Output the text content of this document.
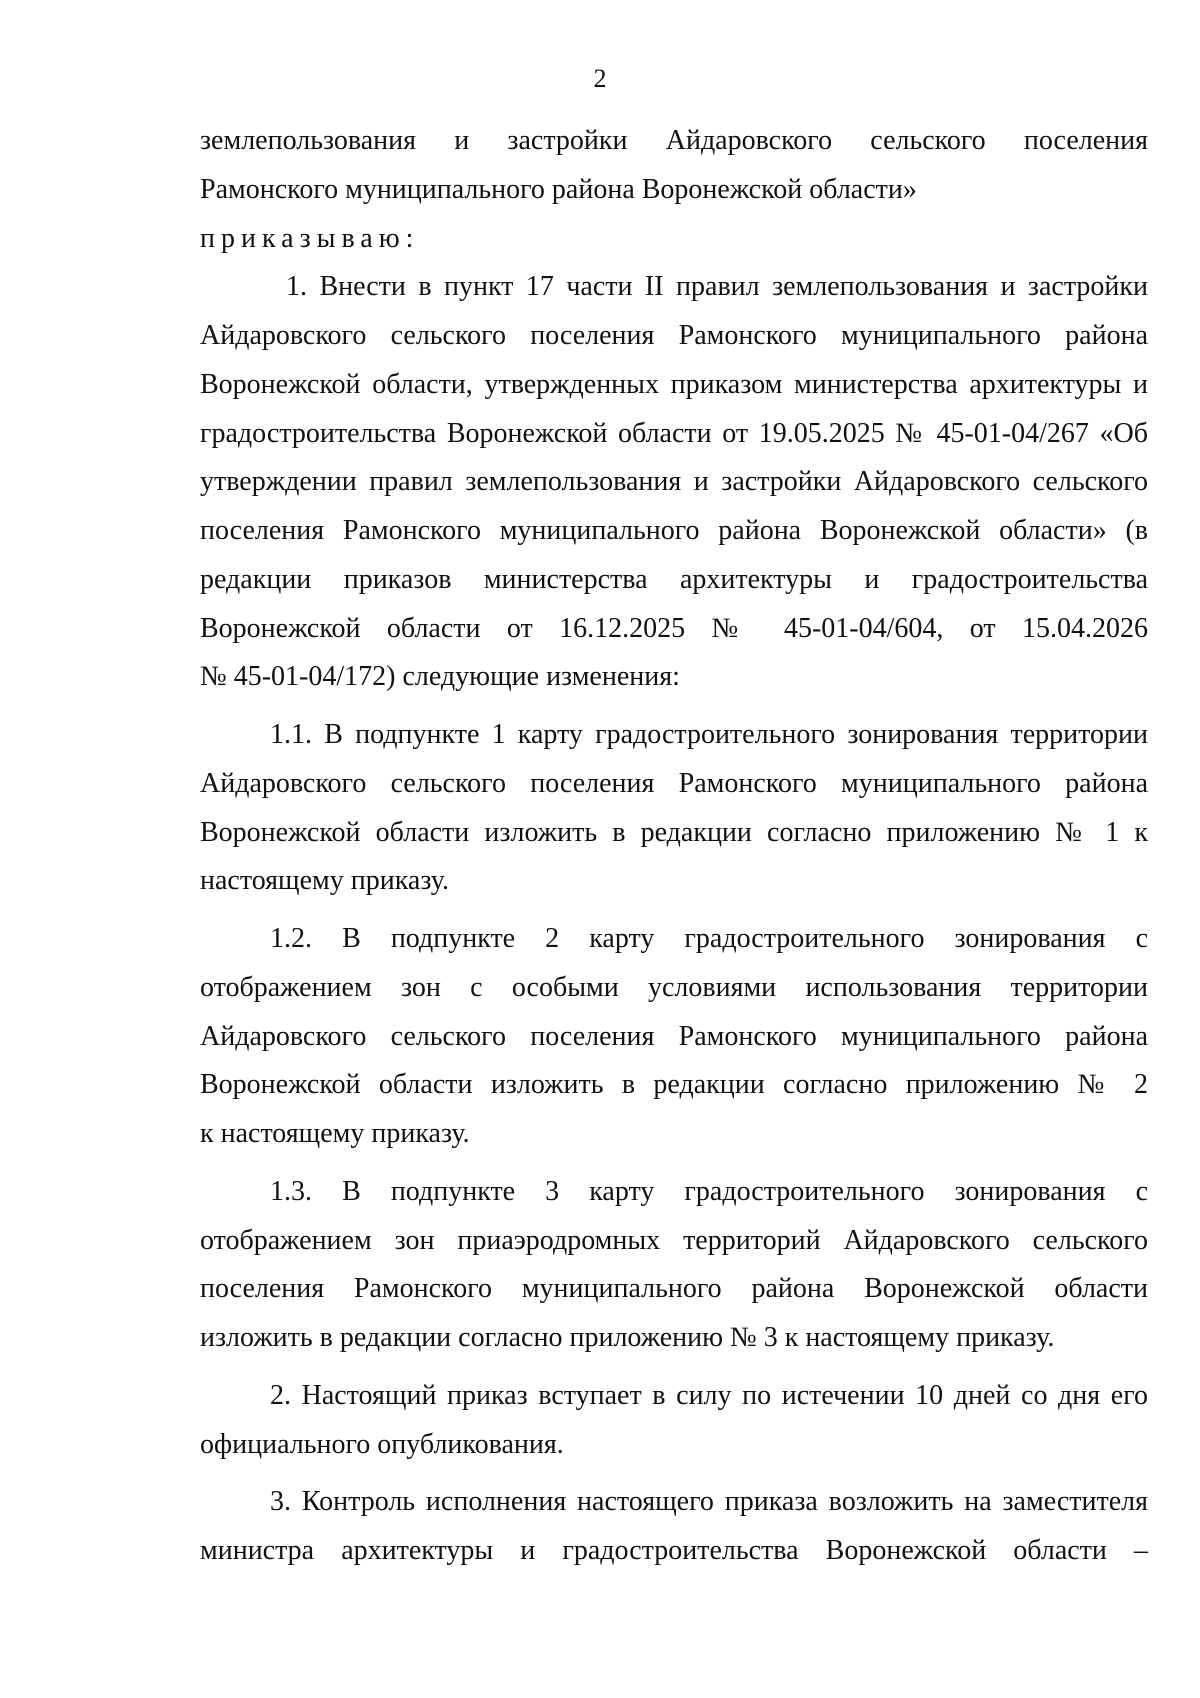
2
землепользования и застройки Айдаровского сельского поселения
Рамонского муниципального района Воронежской области»
приказываю:
1. Внести в пункт 17 части II правил землепользования и застройки
Айдаровского сельского поселения Рамонского муниципального района
Воронежской области, утвержденных приказом министерства архитектуры и
градостроительства Воронежской области от 19.05.2025 № 45-01-04/267 «Об
утверждении правил землепользования и застройки Айдаровского сельского
поселения Рамонского муниципального района Воронежской области» (в
редакции приказов министерства архитектуры и градостроительства
Воронежской области от 16.12.2025 № 45-01-04/604, от 15.04.2026
№ 45-01-04/172) следующие изменения:
1.1. В подпункте 1 карту градостроительного зонирования территории
Айдаровского сельского поселения Рамонского муниципального района
Воронежской области изложить в редакции согласно приложению № 1 к
настоящему приказу.
1.2. В подпункте 2 карту градостроительного зонирования с
отображением зон с особыми условиями использования территории
Айдаровского сельского поселения Рамонского муниципального района
Воронежской области изложить в редакции согласно приложению № 2
к настоящему приказу.
1.3. В подпункте 3 карту градостроительного зонирования с
отображением зон приаэродромных территорий Айдаровского сельского
поселения Рамонского муниципального района Воронежской области
изложить в редакции согласно приложению № 3 к настоящему приказу.
2. Настоящий приказ вступает в силу по истечении 10 дней со дня его
официального опубликования.
3. Контроль исполнения настоящего приказа возложить на заместителя
министра архитектуры и градостроительства Воронежской области –
